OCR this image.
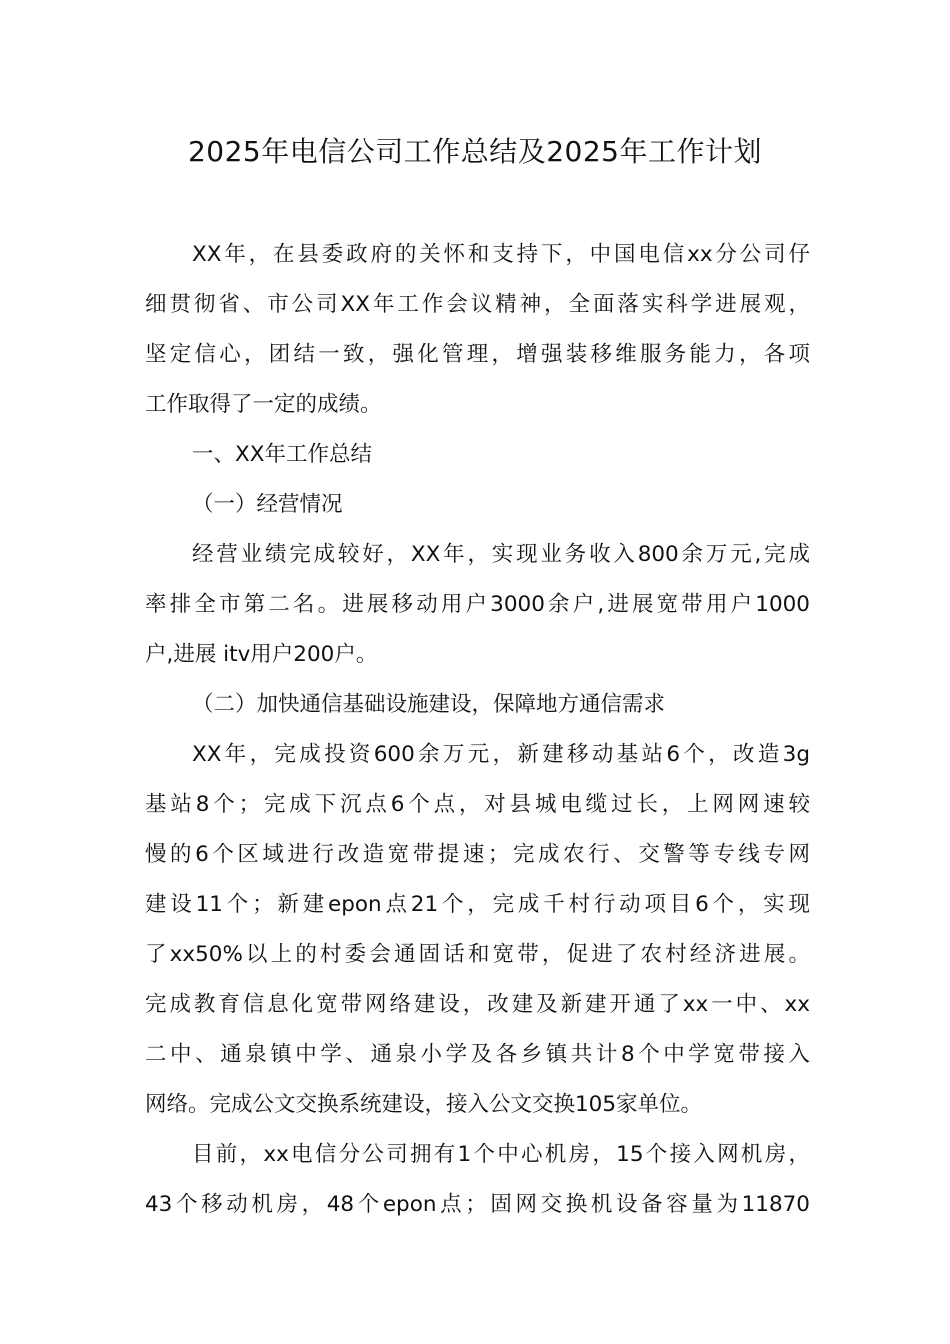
2025年电信公司工作总结及2025年工作计划
XX年，在县委政府的关怀和支持下，中国电信xx分公司仔
细贯彻省、市公司XX年工作会议精神，全面落实科学进展观，
坚定信心，团结一致，强化管理，增强装移维服务能力，各项
工作取得了一定的成绩。
一、XX年工作总结
（一）经营情况
经营业绩完成较好，XX年，实现业务收入800余万元,完成
率排全市第二名。进展移动用户3000余户,进展宽带用户1000
户,进展 itv用户200户。
（二）加快通信基础设施建设，保障地方通信需求
XX年，完成投资600余万元，新建移动基站6个，改造3g
基站8个；完成下沉点6个点，对县城电缆过长，上网网速较
慢的6个区域进行改造宽带提速；完成农行、交警等专线专网
建设11个；新建epon点21个，完成千村行动项目6个，实现
了xx50%以上的村委会通固话和宽带，促进了农村经济进展。
完成教育信息化宽带网络建设，改建及新建开通了xx一中、xx
二中、通泉镇中学、通泉小学及各乡镇共计8个中学宽带接入
网络。完成公文交换系统建设，接入公文交换105家单位。
目前，xx电信分公司拥有1个中心机房，15个接入网机房，
43个移动机房，48个epon点；固网交换机设备容量为11870
